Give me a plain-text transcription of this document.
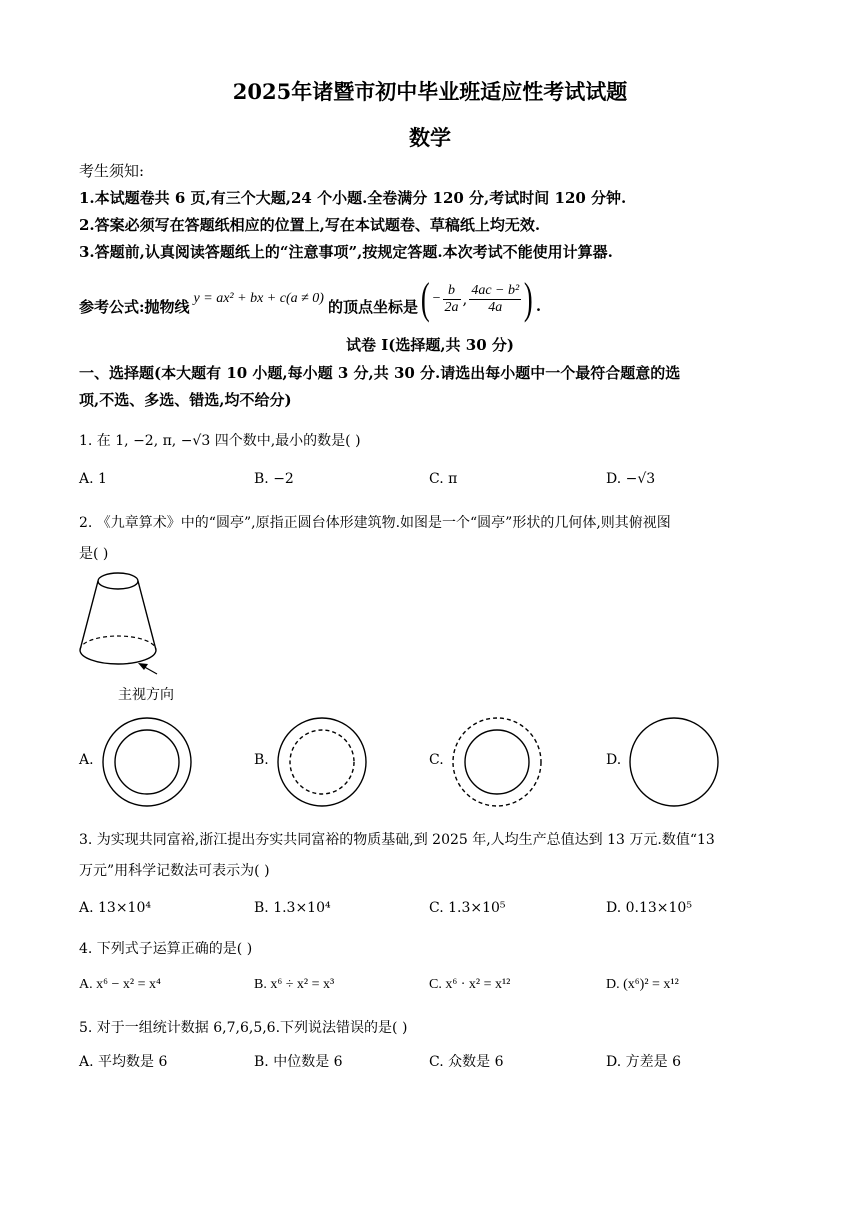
2025年诸暨市初中毕业班适应性考试试题
数学
考生须知:
1.本试题卷共 6 页,有三个大题,24 个小题.全卷满分 120 分,考试时间 120 分钟.
2.答案必须写在答题纸相应的位置上,写在本试题卷、草稿纸上均无效.
3.答题前,认真阅读答题纸上的“注意事项”,按规定答题.本次考试不能使用计算器.
参考公式:抛物线 y = ax² + bx + c(a ≠ 0) 的顶点坐标是 ( − $\frac{b}{2a}$ , $\frac{\text{4ac − b²}}{4a}$ ) .
试卷 I(选择题,共 30 分)
一、选择题(本大题有 10 小题,每小题 3 分,共 30 分.请选出每小题中一个最符合题意的选
项,不选、多选、错选,均不给分)
1. 在 1, −2, π, −√3 四个数中,最小的数是( )
A. 1	B. −2	C. π	D. −√3
2. 《九章算术》中的“圆亭”,原指正圆台体形建筑物.如图是一个“圆亭”形状的几何体,则其俯视图
是( )
主视方向
A.	B.	C.	D.
3. 为实现共同富裕,浙江提出夯实共同富裕的物质基础,到 2025 年,人均生产总值达到 13 万元.数值“13
万元”用科学记数法可表示为( )
A. 13×10⁴	B. 1.3×10⁴	C. 1.3×10⁵	D. 0.13×10⁵
4. 下列式子运算正确的是( )
A. x⁶ − x² = x⁴	B. x⁶ ÷ x² = x³	C. x⁶ · x² = x¹²	D. (x⁶)² = x¹²
5. 对于一组统计数据 6,7,6,5,6.下列说法错误的是( )
A. 平均数是 6	B. 中位数是 6	C. 众数是 6	D. 方差是 6
